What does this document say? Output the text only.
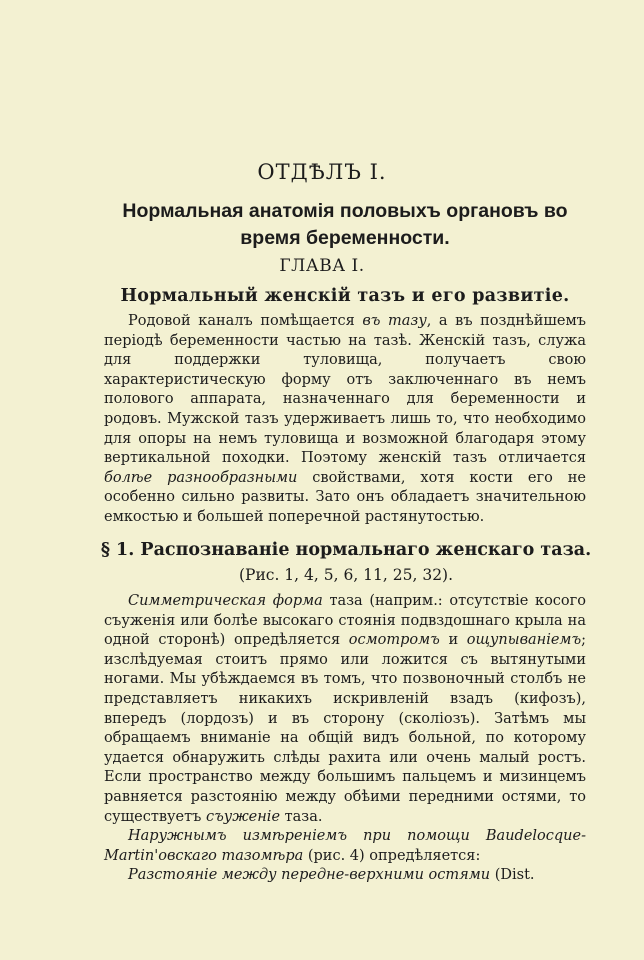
ОТДѢЛЪ I.
Нормальная анатомія половыхъ органовъ во время беременности.
ГЛАВА I.
Нормальный женскій тазъ и его развитіе.

Родовой каналъ помѣщается въ тазу, а въ позднѣйшемъ періодѣ беременности частью на тазѣ. Женскій тазъ, служа для поддержки туловища, получаетъ свою характеристическую форму отъ заключеннаго въ немъ полового аппарата, назначеннаго для беременности и родовъ. Мужской тазъ удерживаетъ лишь то, что необходимо для опоры на немъ туловища и возможной благодаря этому вертикальной походки. Поэтому женскій тазъ отличается болѣе разнообразными свойствами, хотя кости его не особенно сильно развиты. Зато онъ обладаетъ значительною емкостью и большей поперечной растянутостью.

§ 1. Распознаваніе нормальнаго женскаго таза.
(Рис. 1, 4, 5, 6, 11, 25, 32).

Симметрическая форма таза (наприм.: отсутствіе косого съуженія или болѣе высокаго стоянія подвздошнаго крыла на одной сторонѣ) опредѣляется осмотромъ и ощупываніемъ; изслѣдуемая стоитъ прямо или ложится съ вытянутыми ногами. Мы убѣждаемся въ томъ, что позвоночный столбъ не представляетъ никакихъ искривленій взадъ (кифозъ), впередъ (лордозъ) и въ сторону (сколіозъ). Затѣмъ мы обращаемъ вниманіе на общій видъ больной, по которому удается обнаружить слѣды рахита или очень малый ростъ. Если пространство между большимъ пальцемъ и мизинцемъ равняется разстоянію между обѣими передними остями, то существуетъ съуженіе таза.

Наружнымъ измѣреніемъ при помощи Baudelocque-Martin'овскаго тазомѣра (рис. 4) опредѣляется:

Разстояніе между передне-верхними остями (Dist.
